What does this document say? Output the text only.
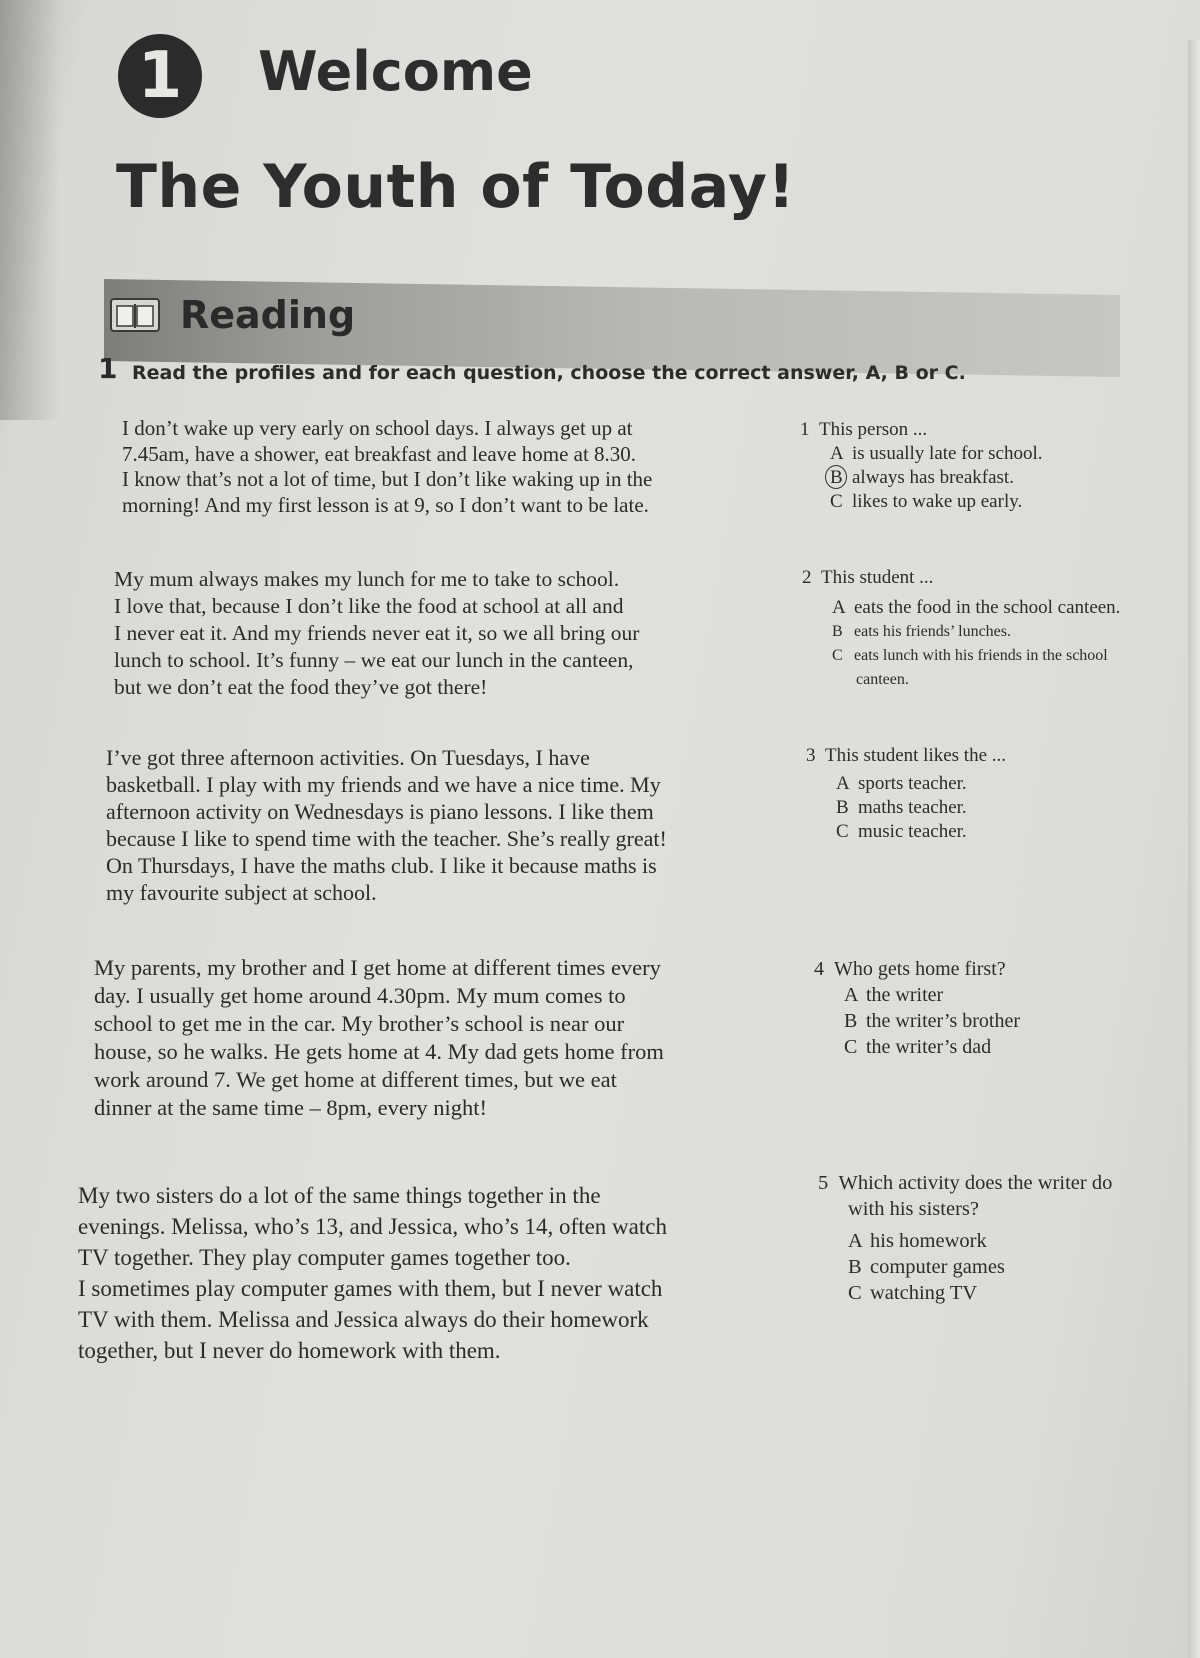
1	Welcome
The Youth of Today!
Reading
1 Read the profiles and for each question, choose the correct answer, A, B or C.
I don’t wake up very early on school days. I always get up at
7.45am, have a shower, eat breakfast and leave home at 8.30.
I know that’s not a lot of time, but I don’t like waking up in the
morning! And my first lesson is at 9, so I don’t want to be late.
My mum always makes my lunch for me to take to school.
I love that, because I don’t like the food at school at all and
I never eat it. And my friends never eat it, so we all bring our
lunch to school. It’s funny – we eat our lunch in the canteen,
but we don’t eat the food they’ve got there!
I’ve got three afternoon activities. On Tuesdays, I have
basketball. I play with my friends and we have a nice time. My
afternoon activity on Wednesdays is piano lessons. I like them
because I like to spend time with the teacher. She’s really great!
On Thursdays, I have the maths club. I like it because maths is
my favourite subject at school.
My parents, my brother and I get home at different times every
day. I usually get home around 4.30pm. My mum comes to
school to get me in the car. My brother’s school is near our
house, so he walks. He gets home at 4. My dad gets home from
work around 7. We get home at different times, but we eat
dinner at the same time – 8pm, every night!
My two sisters do a lot of the same things together in the
evenings. Melissa, who’s 13, and Jessica, who’s 14, often watch
TV together. They play computer games together too.
I sometimes play computer games with them, but I never watch
TV with them. Melissa and Jessica always do their homework
together, but I never do homework with them.
1 This person ...
A is usually late for school.
B always has breakfast.
C likes to wake up early.
2 This student ...
A eats the food in the school canteen.
B eats his friends’ lunches.
C eats lunch with his friends in the school
canteen.
3 This student likes the ...
A sports teacher.
B maths teacher.
C music teacher.
4 Who gets home first?
A the writer
B the writer’s brother
C the writer’s dad
5 Which activity does the writer do
with his sisters?
A his homework
B computer games
C watching TV
